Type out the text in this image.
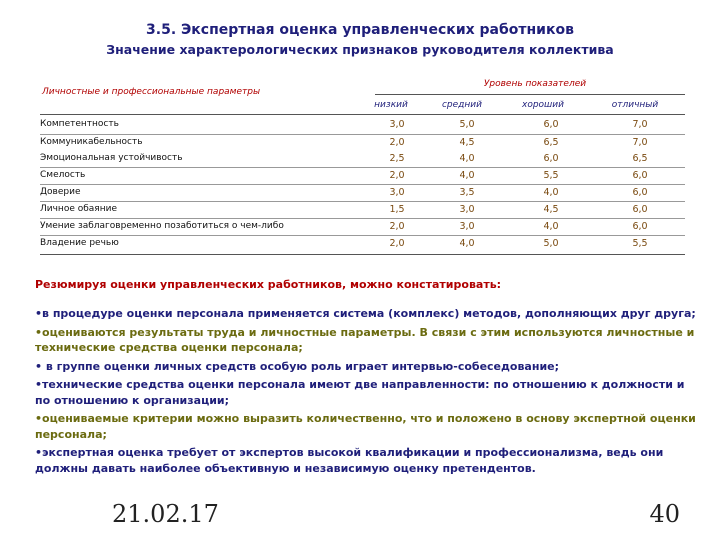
3.5. Экспертная оценка управленческих работников
Значение характерологических признаков руководителя коллектива
Личностные и профессиональные параметры
Уровень показателей
низкий	средний	хороший	отличный
Компетентность	3,0	5,0	6,0	7,0
Коммуникабельность	2,0	4,5	6,5	7,0
Эмоциональная устойчивость	2,5	4,0	6,0	6,5
Смелость	2,0	4,0	5,5	6,0
Доверие	3,0	3,5	4,0	6,0
Личное обаяние	1,5	3,0	4,5	6,0
Умение заблаговременно позаботиться о чем-либо	2,0	3,0	4,0	6,0
Владение речью	2,0	4,0	5,0	5,5
Резюмируя оценки управленческих работников, можно констатировать:

•в процедуре оценки персонала применяется система (комплекс) методов, дополняющих друг друга;

•оцениваются результаты труда и личностные параметры. В связи с этим используются личностные и технические средства оценки персонала;

• в группе оценки личных средств особую роль играет интервью-собеседование;

•технические средства оценки персонала имеют две направленности: по отношению к должности и по отношению к организации;

•оцениваемые критерии можно выразить количественно, что и положено в основу экспертной оценки персонала;

•экспертная оценка требует от экспертов высокой квалификации и профессионализма, ведь они должны давать наиболее объективную и независимую оценку претендентов.

21.02.17	40
